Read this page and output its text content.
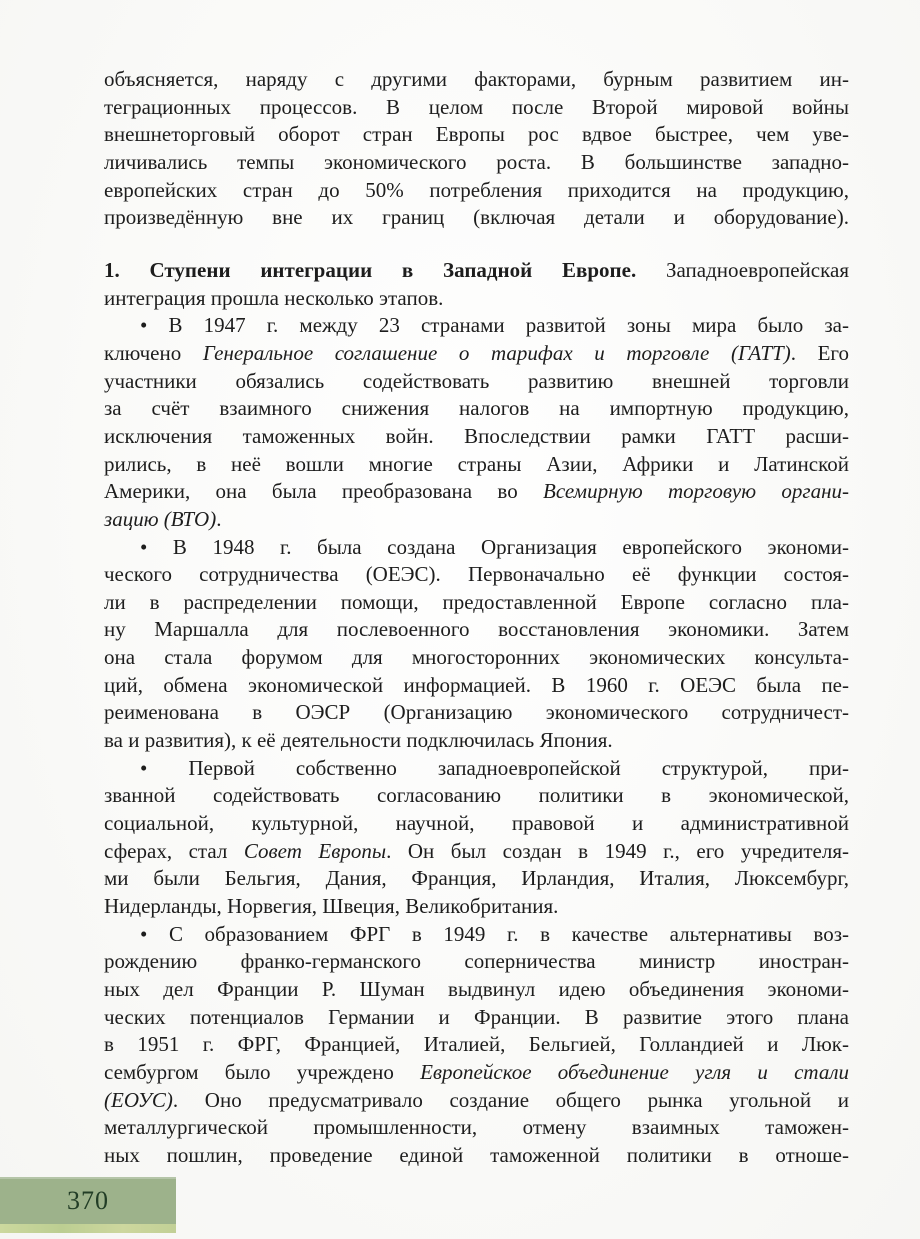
объясняется, наряду с другими факторами, бурным развитием ин-
теграционных процессов. В целом после Второй мировой войны
внешнеторговый оборот стран Европы рос вдвое быстрее, чем уве-
личивались темпы экономического роста. В большинстве западно-
европейских стран до 50% потребления приходится на продукцию,
произведённую вне их границ (включая детали и оборудование).
1. Ступени интеграции в Западной Европе. Западноевропейская
интеграция прошла несколько этапов.
• В 1947 г. между 23 странами развитой зоны мира было за-
ключено Генеральное соглашение о тарифах и торговле (ГАТТ). Его
участники обязались содействовать развитию внешней торговли
за счёт взаимного снижения налогов на импортную продукцию,
исключения таможенных войн. Впоследствии рамки ГАТТ расши-
рились, в неё вошли многие страны Азии, Африки и Латинской
Америки, она была преобразована во Всемирную торговую органи-
зацию (ВТО).
• В 1948 г. была создана Организация европейского экономи-
ческого сотрудничества (ОЕЭС). Первоначально её функции состоя-
ли в распределении помощи, предоставленной Европе согласно пла-
ну Маршалла для послевоенного восстановления экономики. Затем
она стала форумом для многосторонних экономических консульта-
ций, обмена экономической информацией. В 1960 г. ОЕЭС была пе-
реименована в ОЭСР (Организацию экономического сотрудничест-
ва и развития), к её деятельности подключилась Япония.
• Первой собственно западноевропейской структурой, при-
званной содействовать согласованию политики в экономической,
социальной, культурной, научной, правовой и административной
сферах, стал Совет Европы. Он был создан в 1949 г., его учредителя-
ми были Бельгия, Дания, Франция, Ирландия, Италия, Люксембург,
Нидерланды, Норвегия, Швеция, Великобритания.
• С образованием ФРГ в 1949 г. в качестве альтернативы воз-
рождению франко-германского соперничества министр иностран-
ных дел Франции Р. Шуман выдвинул идею объединения экономи-
ческих потенциалов Германии и Франции. В развитие этого плана
в 1951 г. ФРГ, Францией, Италией, Бельгией, Голландией и Люк-
сембургом было учреждено Европейское объединение угля и стали
(ЕОУС). Оно предусматривало создание общего рынка угольной и
металлургической промышленности, отмену взаимных таможен-
ных пошлин, проведение единой таможенной политики в отноше-
370
